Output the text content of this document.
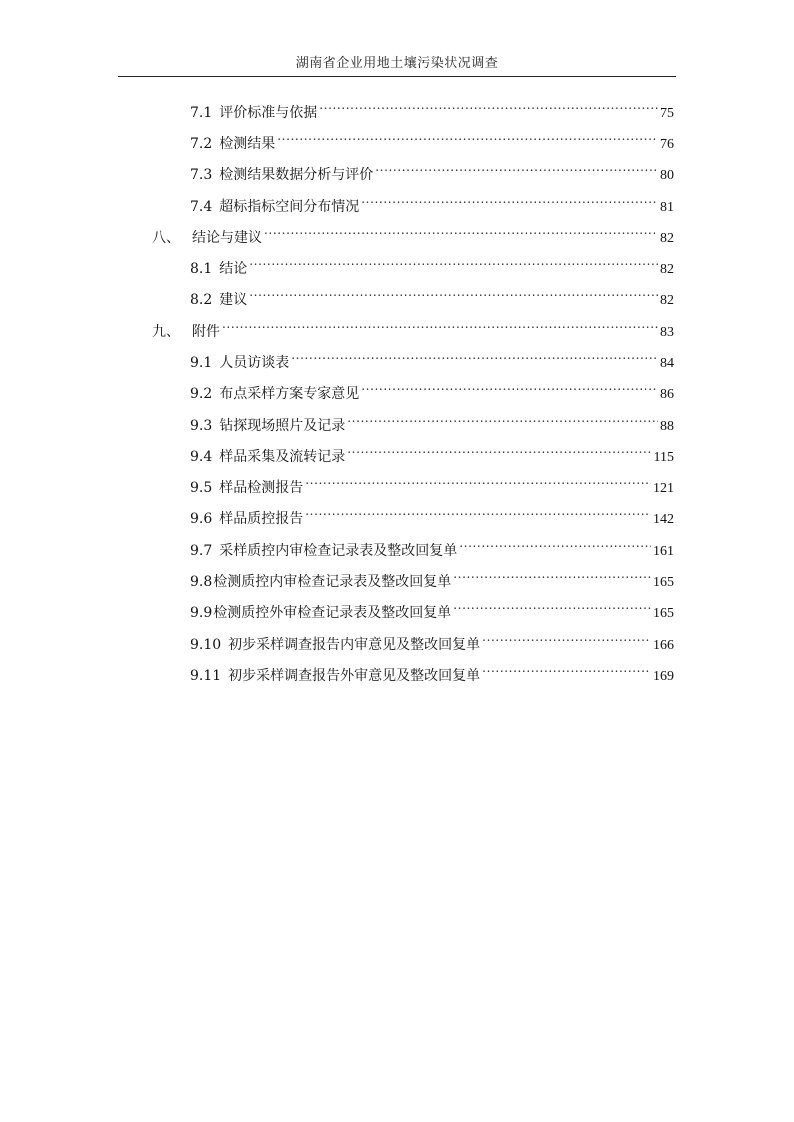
湖南省企业用地土壤污染状况调查
7.1 评价标准与依据 .....	75
7.2 检测结果 .....	76
7.3 检测结果数据分析与评价 .....	80
7.4 超标指标空间分布情况 .....	81
八、 结论与建议 .....	82
8.1 结论 .....	82
8.2 建议 .....	82
九、 附件 .....	83
9.1 人员访谈表 .....	84
9.2 布点采样方案专家意见 .....	86
9.3 钻探现场照片及记录 .....	88
9.4 样品采集及流转记录 .....	115
9.5 样品检测报告 .....	121
9.6 样品质控报告 .....	142
9.7 采样质控内审检查记录表及整改回复单 .....	161
9.8 检测质控内审检查记录表及整改回复单 .....	165
9.9 检测质控外审检查记录表及整改回复单 .....	165
9.10 初步采样调查报告内审意见及整改回复单 .....	166
9.11 初步采样调查报告外审意见及整改回复单 .....	169
